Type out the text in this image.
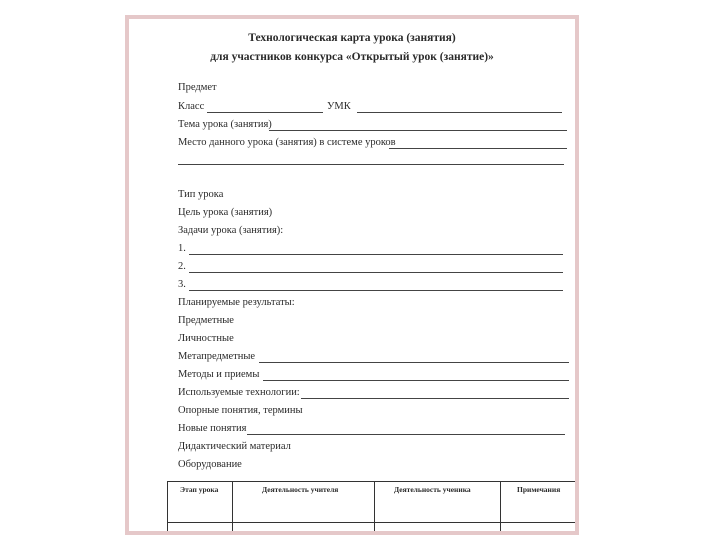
Технологическая карта урока (занятия)
для участников конкурса «Открытый урок (занятие)»
Предмет
Класс	УМК
Тема урока (занятия)
Место данного урока (занятия) в системе уроков
Тип урока
Цель урока (занятия)
Задачи урока (занятия):
1.
2.
3.
Планируемые результаты:
Предметные
Личностные
Метапредметные
Методы и приемы
Используемые технологии:
Опорные понятия, термины
Новые понятия
Дидактический материал
Оборудование
Этап урока	Деятельность учителя	Деятельность ученика	Примечания
